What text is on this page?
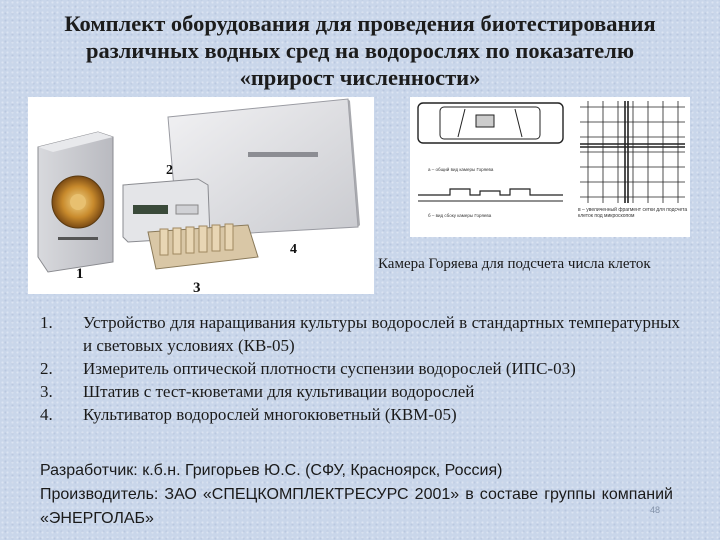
Комплект оборудования для проведения биотестирования
различных водных сред на водорослях по показателю
«прирост численности»
2
4
1
3
а – общий вид камеры Горяева
б – вид сбоку камеры Горяева
в – увеличенный фрагмент сетки для подсчета клеток под микроскопом
Камера Горяева для подсчета числа клеток
1. Устройство для наращивания культуры водорослей в стандартных температурных и световых условиях (КВ-05)
2. Измеритель оптической плотности суспензии водорослей (ИПС-03)
3. Штатив с тест-кюветами для культивации водорослей
4. Культиватор водорослей многокюветный (КВМ-05)
Разработчик: к.б.н. Григорьев Ю.С. (СФУ, Красноярск, Россия)
Производитель: ЗАО «СПЕЦКОМПЛЕКТРЕСУРС 2001» в составе группы компаний «ЭНЕРГОЛАБ»	48
